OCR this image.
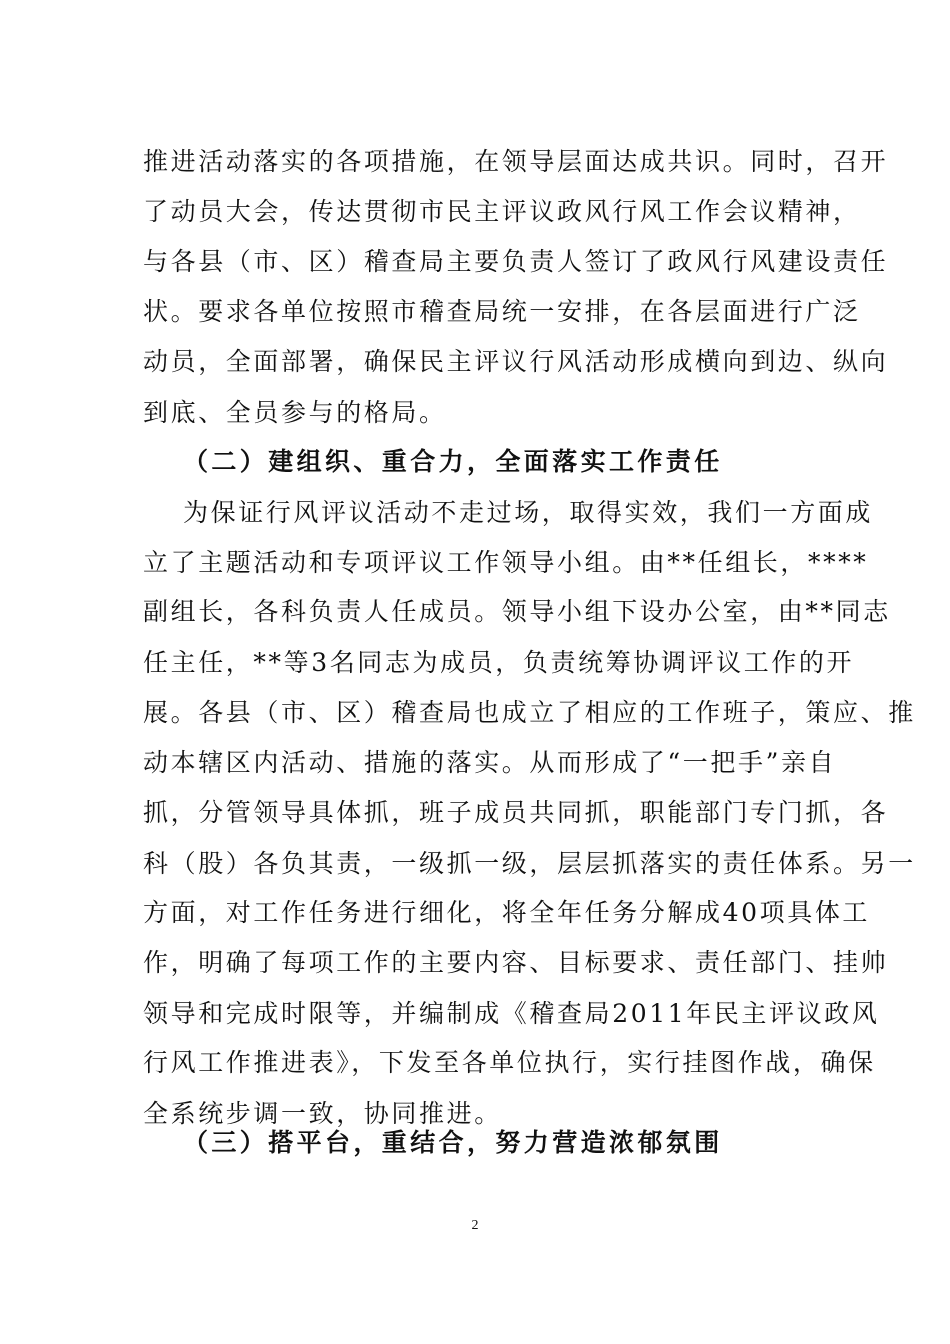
推进活动落实的各项措施，在领导层面达成共识。同时，召开
了动员大会，传达贯彻市民主评议政风行风工作会议精神，
与各县（市、区）稽查局主要负责人签订了政风行风建设责任
状。要求各单位按照市稽查局统一安排，在各层面进行广泛
动员，全面部署，确保民主评议行风活动形成横向到边、纵向
到底、全员参与的格局。
（二）建组织、重合力，全面落实工作责任
为保证行风评议活动不走过场，取得实效，我们一方面成
立了主题活动和专项评议工作领导小组。由**任组长，****
副组长，各科负责人任成员。领导小组下设办公室，由**同志
任主任，**等3名同志为成员，负责统筹协调评议工作的开
展。各县（市、区）稽查局也成立了相应的工作班子，策应、推
动本辖区内活动、措施的落实。从而形成了“一把手”亲自
抓，分管领导具体抓，班子成员共同抓，职能部门专门抓，各
科（股）各负其责，一级抓一级，层层抓落实的责任体系。另一
方面，对工作任务进行细化，将全年任务分解成40项具体工
作，明确了每项工作的主要内容、目标要求、责任部门、挂帅
领导和完成时限等，并编制成《稽查局2011年民主评议政风
行风工作推进表》，下发至各单位执行，实行挂图作战，确保
全系统步调一致，协同推进。
2
（三）搭平台，重结合，努力营造浓郁氛围
